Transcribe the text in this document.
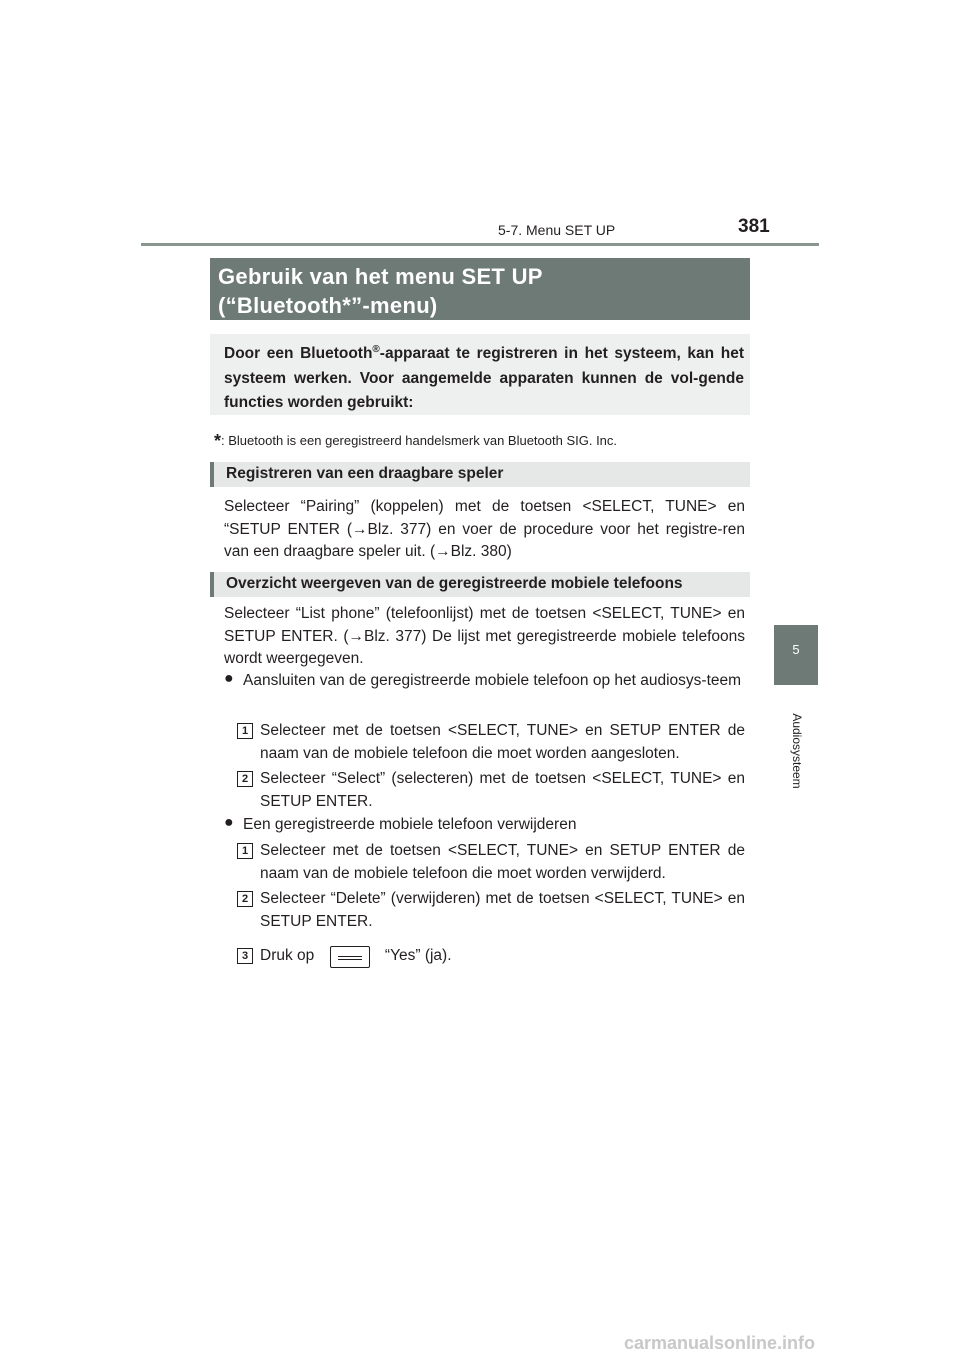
5-7. Menu SET UP	381
5
Audiosysteem
Gebruik van het menu SET UP
(“Bluetooth*”-menu)
Door een Bluetooth®-apparaat te registreren in het systeem, kan het systeem werken. Voor aangemelde apparaten kunnen de vol-gende functies worden gebruikt:
*: Bluetooth is een geregistreerd handelsmerk van Bluetooth SIG. Inc.
Registreren van een draagbare speler
Selecteer “Pairing” (koppelen) met de toetsen <SELECT, TUNE> en “SETUP ENTER (→Blz. 377) en voer de procedure voor het registre-ren van een draagbare speler uit. (→Blz. 380)
Overzicht weergeven van de geregistreerde mobiele telefoons
Selecteer “List phone” (telefoonlijst) met de toetsen <SELECT, TUNE> en SETUP ENTER. (→Blz. 377) De lijst met geregistreerde mobiele telefoons wordt weergegeven.
● Aansluiten van de geregistreerde mobiele telefoon op het audiosys-teem
1 Selecteer met de toetsen <SELECT, TUNE> en SETUP ENTER de naam van de mobiele telefoon die moet worden aangesloten.
2 Selecteer “Select” (selecteren) met de toetsen <SELECT, TUNE> en SETUP ENTER.
● Een geregistreerde mobiele telefoon verwijderen
1 Selecteer met de toetsen <SELECT, TUNE> en SETUP ENTER de naam van de mobiele telefoon die moet worden verwijderd.
2 Selecteer “Delete” (verwijderen) met de toetsen <SELECT, TUNE> en SETUP ENTER.
3 Druk op	“Yes” (ja).
carmanualsonline.info
